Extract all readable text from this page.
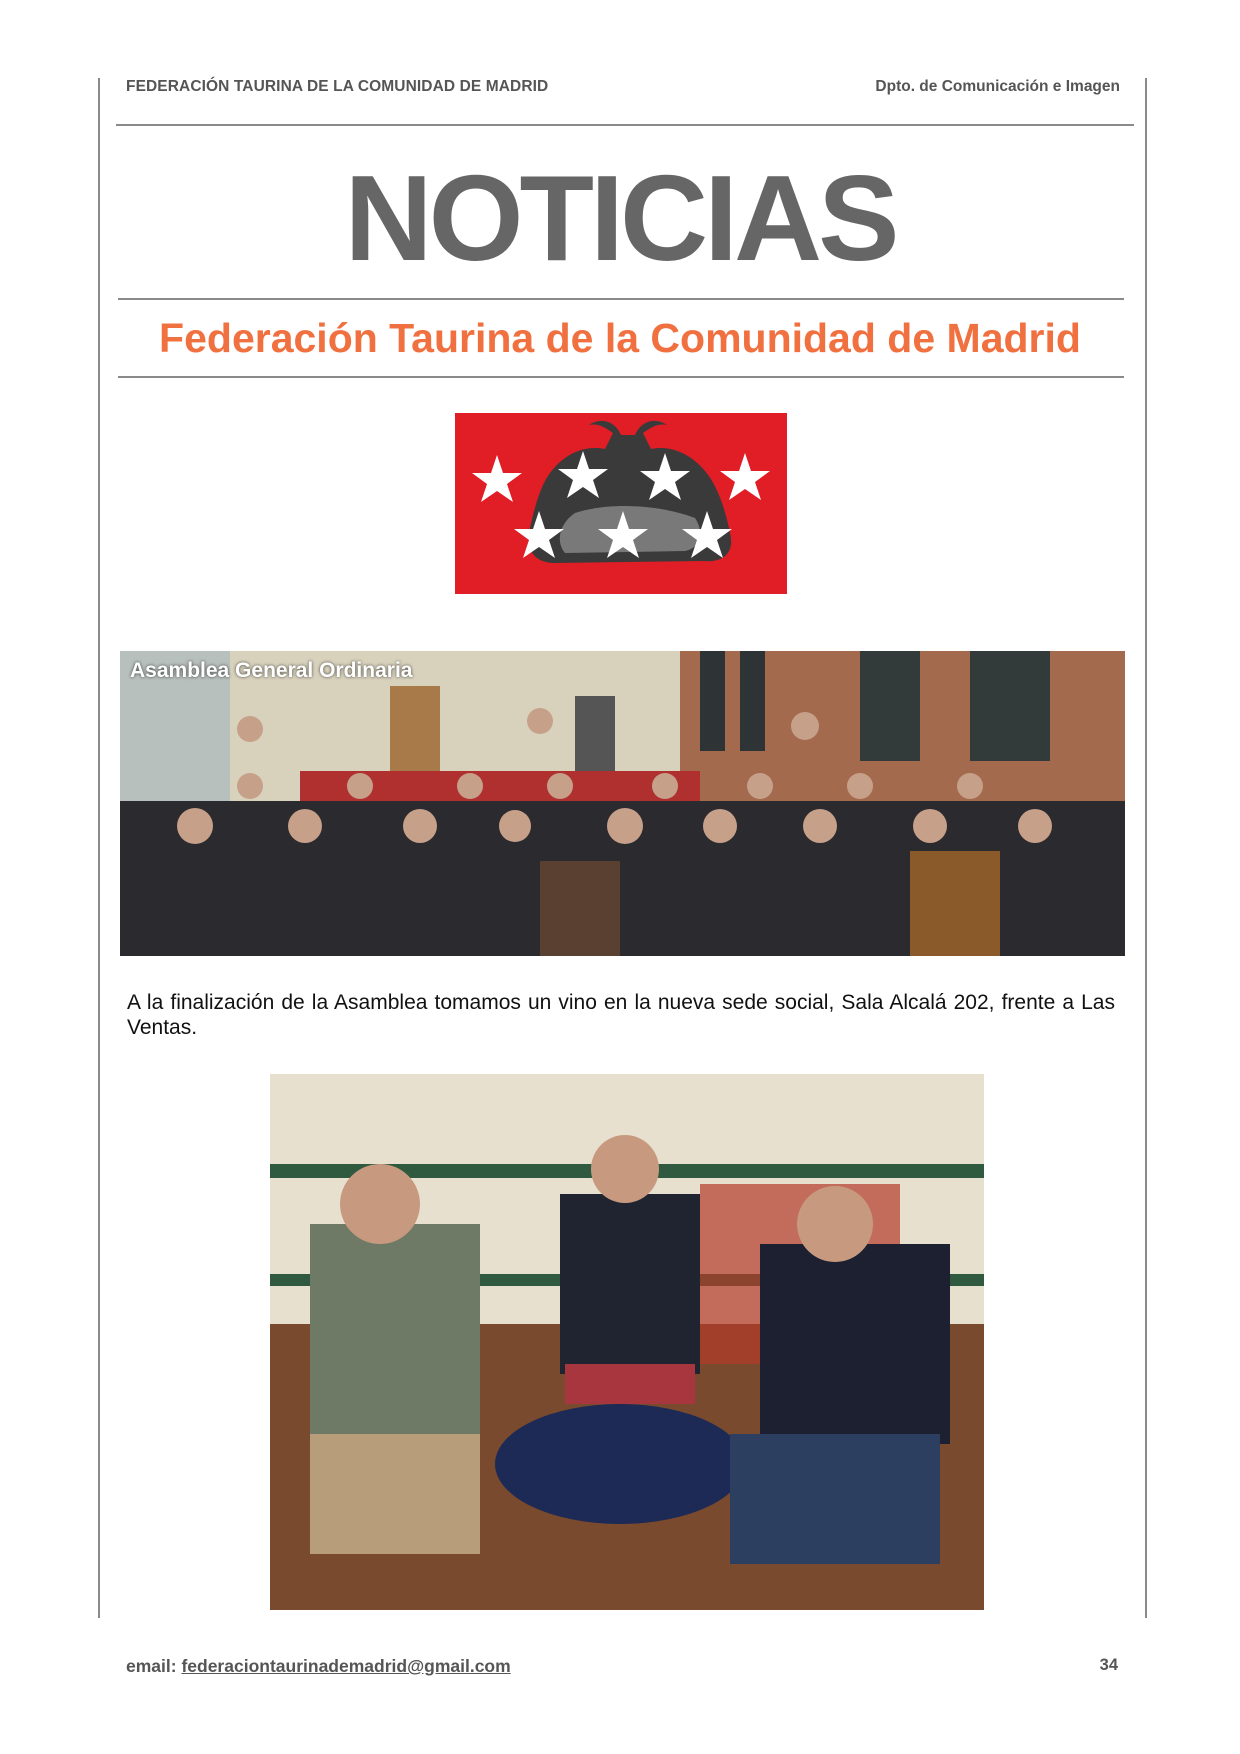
FEDERACIÓN TAURINA DE LA COMUNIDAD DE MADRID	Dpto. de Comunicación e Imagen
NOTICIAS
Federación Taurina de la Comunidad de Madrid
Asamblea General Ordinaria
A la finalización de la Asamblea tomamos un vino en la nueva sede social, Sala Alcalá 202, frente a Las Ventas.
email: federaciontaurinademadrid@gmail.com	34
